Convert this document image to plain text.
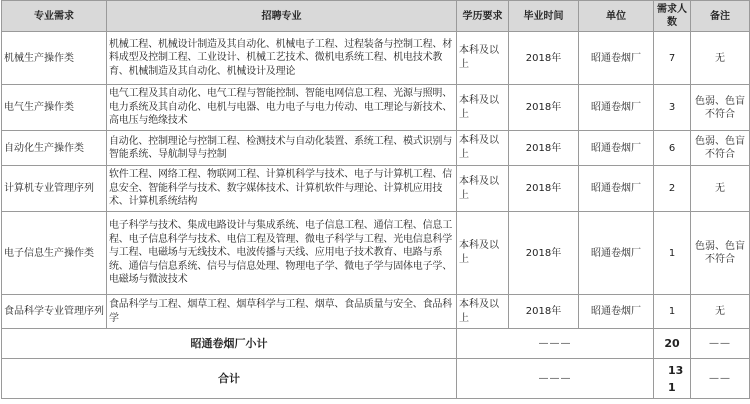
专业需求	招聘专业	学历要求	毕业时间	单位	需求人数	备注
机械生产操作类	机械工程、机械设计制造及其自动化、机械电子工程、过程装备与控制工程、材料成型及控制工程、工业设计、机械工艺技术、微机电系统工程、机电技术教育、机械制造及其自动化、机械设计及理论	本科及以上	2018年	昭通卷烟厂	7	无
电气生产操作类	电气工程及其自动化、电气工程与智能控制、智能电网信息工程、光源与照明、电力系统及其自动化、电机与电器、电力电子与电力传动、电工理论与新技术、高电压与绝缘技术	本科及以上	2018年	昭通卷烟厂	3	色弱、色盲不符合
自动化生产操作类	自动化、控制理论与控制工程、检测技术与自动化装置、系统工程、模式识别与智能系统、导航制导与控制	本科及以上	2018年	昭通卷烟厂	6	色弱、色盲不符合
计算机专业管理序列	软件工程、网络工程、物联网工程、计算机科学与技术、电子与计算机工程、信息安全、智能科学与技术、数字媒体技术、计算机软件与理论、计算机应用技术、计算机系统结构	本科及以上	2018年	昭通卷烟厂	2	无
电子信息生产操作类	电子科学与技术、集成电路设计与集成系统、电子信息工程、通信工程、信息工程、电子信息科学与技术、电信工程及管理、微电子科学与工程、光电信息科学与工程、电磁场与无线技术、电波传播与天线、应用电子技术教育、电路与系统、通信与信息系统、信号与信息处理、物理电子学、微电子学与固体电子学、电磁场与微波技术	本科及以上	2018年	昭通卷烟厂	1	色弱、色盲不符合
食品科学专业管理序列	食品科学与工程、烟草工程、烟草科学与工程、烟草、食品质量与安全、食品科学	本科及以上	2018年	昭通卷烟厂	1	无
昭通卷烟厂小计		———			20	——
合计		———			131	——
